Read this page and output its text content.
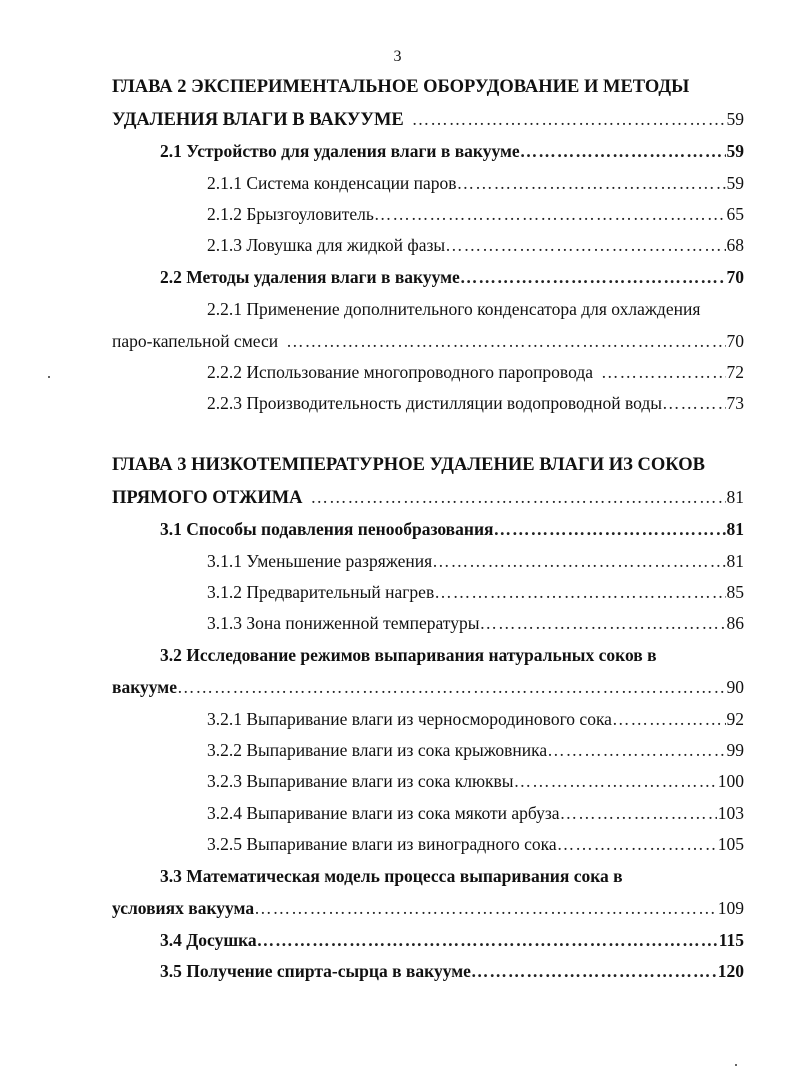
3
ГЛАВА 2 ЭКСПЕРИМЕНТАЛЬНОЕ ОБОРУДОВАНИЕ И МЕТОДЫ
УДАЛЕНИЯ ВЛАГИ В ВАКУУМЕ ……………………………………………………………………………………………………………………………………………………………………	59
2.1 Устройство для удаления влаги в вакууме ……………………………………………………………………………………………………………………………………………………………………	59
2.1.1 Система конденсации паров ……………………………………………………………………………………………………………………………………………………………………	59
2.1.2 Брызгоуловитель ……………………………………………………………………………………………………………………………………………………………………	65
2.1.3 Ловушка для жидкой фазы ……………………………………………………………………………………………………………………………………………………………………	68
2.2 Методы удаления влаги в вакууме ……………………………………………………………………………………………………………………………………………………………………	70
2.2.1 Применение дополнительного конденсатора для охлаждения
паро-капельной смеси ……………………………………………………………………………………………………………………………………………………………………	70
2.2.2 Использование многопроводного паропровода ……………………………………………………………………………………………………………………………………………………………………	72
2.2.3 Производительность дистилляции водопроводной воды ……………………………………………………………………………………………………………………………………………………………………	73
ГЛАВА 3 НИЗКОТЕМПЕРАТУРНОЕ УДАЛЕНИЕ ВЛАГИ ИЗ СОКОВ
ПРЯМОГО ОТЖИМА ……………………………………………………………………………………………………………………………………………………………………	81
3.1 Способы подавления пенообразования ……………………………………………………………………………………………………………………………………………………………………	81
3.1.1 Уменьшение разряжения ……………………………………………………………………………………………………………………………………………………………………	81
3.1.2 Предварительный нагрев ……………………………………………………………………………………………………………………………………………………………………	85
3.1.3 Зона пониженной температуры ……………………………………………………………………………………………………………………………………………………………………	86
3.2 Исследование режимов выпаривания натуральных соков в
вакууме ……………………………………………………………………………………………………………………………………………………………………	90
3.2.1 Выпаривание влаги из черносмородинового сока ……………………………………………………………………………………………………………………………………………………………………	92
3.2.2 Выпаривание влаги из сока крыжовника ……………………………………………………………………………………………………………………………………………………………………	99
3.2.3 Выпаривание влаги из сока клюквы ……………………………………………………………………………………………………………………………………………………………………	100
3.2.4 Выпаривание влаги из сока мякоти арбуза ……………………………………………………………………………………………………………………………………………………………………	103
3.2.5 Выпаривание влаги из виноградного сока ……………………………………………………………………………………………………………………………………………………………………	105
3.3 Математическая модель процесса выпаривания сока в
условиях вакуума ……………………………………………………………………………………………………………………………………………………………………	109
3.4 Досушка ……………………………………………………………………………………………………………………………………………………………………	115
3.5 Получение спирта-сырца в вакууме ……………………………………………………………………………………………………………………………………………………………………	120
